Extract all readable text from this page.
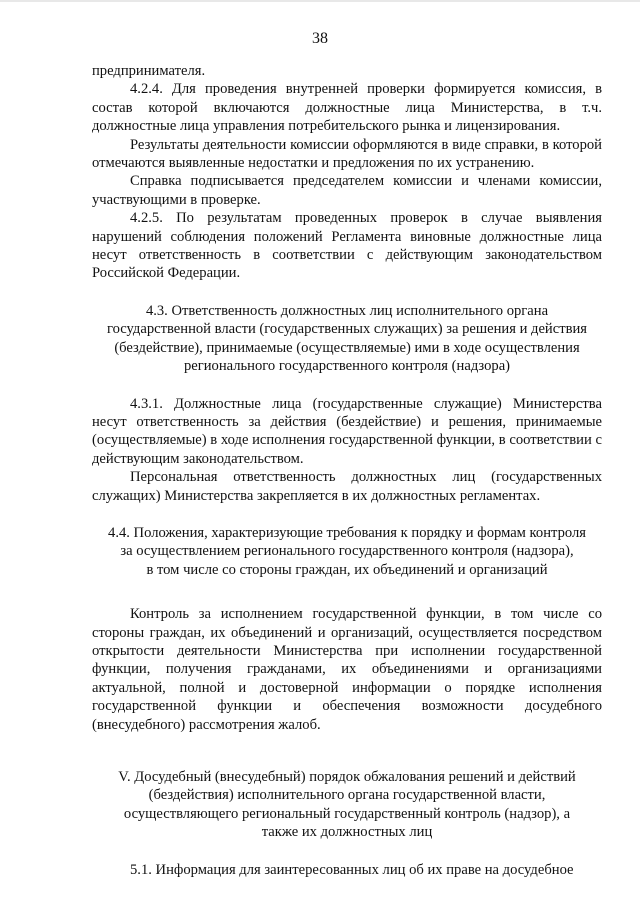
38

предпринимателя.

4.2.4. Для проведения внутренней проверки формируется комиссия, в состав которой включаются должностные лица Министерства, в т.ч. должностные лица управления потребительского рынка и лицензирования.

Результаты деятельности комиссии оформляются в виде справки, в которой отмечаются выявленные недостатки и предложения по их устранению.

Справка подписывается председателем комиссии и членами комиссии, участвующими в проверке.

4.2.5. По результатам проведенных проверок в случае выявления нарушений соблюдения положений Регламента виновные должностные лица несут ответственность в соответствии с действующим законодательством Российской Федерации.

4.3. Ответственность должностных лиц исполнительного органа
государственной власти (государственных служащих) за решения и действия
(бездействие), принимаемые (осуществляемые) ими в ходе осуществления
регионального государственного контроля (надзора)

4.3.1. Должностные лица (государственные служащие) Министерства несут ответственность за действия (бездействие) и решения, принимаемые (осуществляемые) в ходе исполнения государственной функции, в соответствии с действующим законодательством.

Персональная ответственность должностных лиц (государственных служащих) Министерства закрепляется в их должностных регламентах.

4.4. Положения, характеризующие требования к порядку и формам контроля
за осуществлением регионального государственного контроля (надзора),
в том числе со стороны граждан, их объединений и организаций

Контроль за исполнением государственной функции, в том числе со стороны граждан, их объединений и организаций, осуществляется посредством открытости деятельности Министерства при исполнении государственной функции, получения гражданами, их объединениями и организациями актуальной, полной и достоверной информации о порядке исполнения государственной функции и обеспечения возможности досудебного (внесудебного) рассмотрения жалоб.

V. Досудебный (внесудебный) порядок обжалования решений и действий
(бездействия) исполнительного органа государственной власти,
осуществляющего региональный государственный контроль (надзор), а
также их должностных лиц

5.1. Информация для заинтересованных лиц об их праве на досудебное
